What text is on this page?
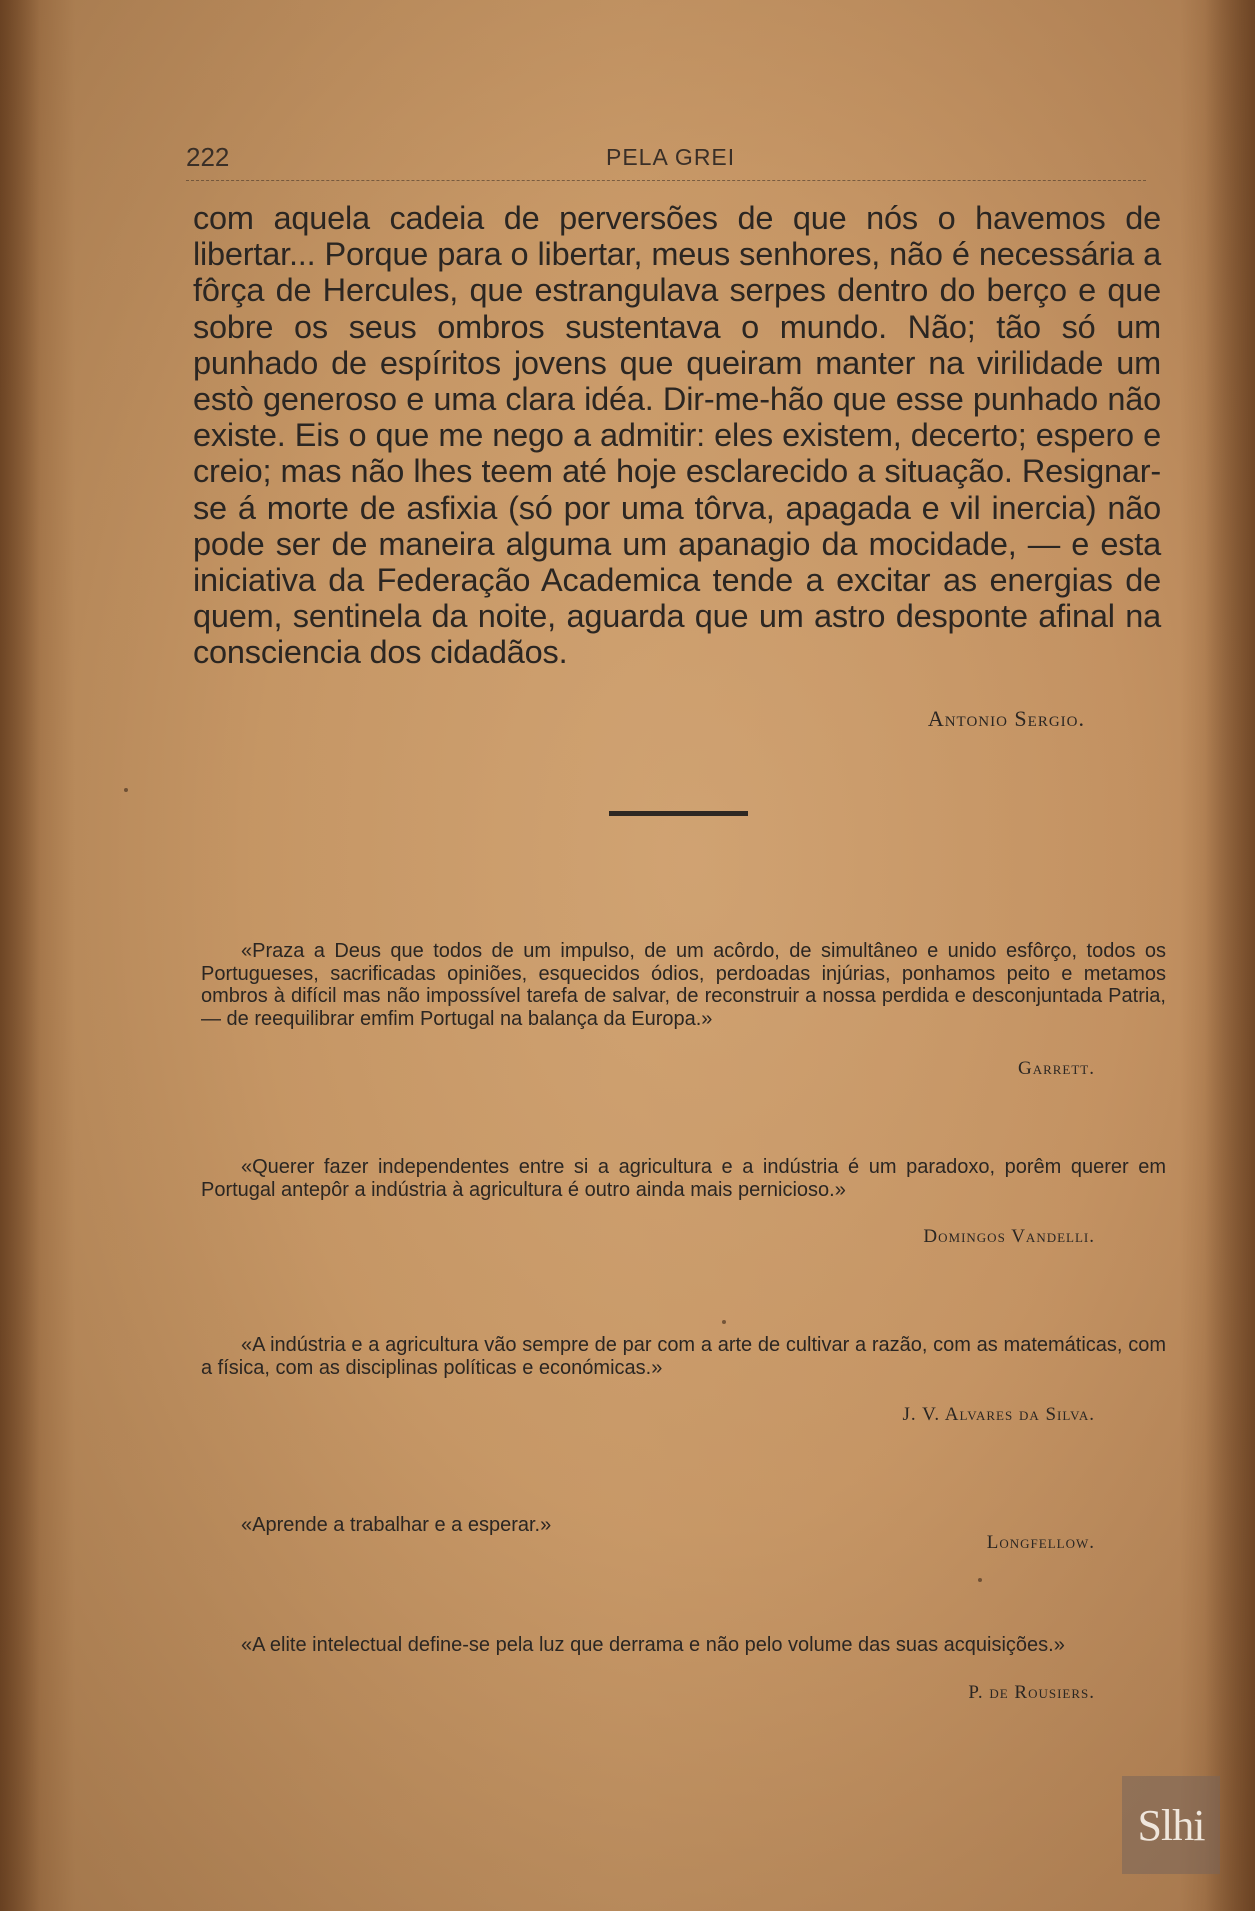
222	PELA GREI

com aquela cadeia de perversões de que nós o havemos de libertar... Porque para o libertar, meus senhores, não é necessária a fôrça de Hercules, que estrangulava serpes dentro do berço e que sobre os seus ombros sustentava o mundo. Não; tão só um punhado de espíritos jovens que queiram manter na virilidade um estò generoso e uma clara idéa. Dir-me-hão que esse punhado não existe. Eis o que me nego a admitir: eles existem, decerto; espero e creio; mas não lhes teem até hoje esclarecido a situação. Resignar-se á morte de asfixia (só por uma tôrva, apagada e vil inercia) não pode ser de maneira alguma um apanagio da mocidade, — e esta iniciativa da Federação Academica tende a excitar as energias de quem, sentinela da noite, aguarda que um astro desponte afinal na consciencia dos cidadãos.

Antonio Sergio.

«Praza a Deus que todos de um impulso, de um acôrdo, de simultâneo e unido esfôrço, todos os Portugueses, sacrificadas opiniões, esquecidos ódios, perdoadas injúrias, ponhamos peito e metamos ombros à difícil mas não impossível tarefa de salvar, de reconstruir a nossa perdida e desconjuntada Patria, — de reequilibrar emfim Portugal na balança da Europa.»

Garrett.

«Querer fazer independentes entre si a agricultura e a indústria é um paradoxo, porêm querer em Portugal antepôr a indústria à agricultura é outro ainda mais pernicioso.»

Domingos Vandelli.

«A indústria e a agricultura vão sempre de par com a arte de cultivar a razão, com as matemáticas, com a física, com as disciplinas políticas e económicas.»

J. V. Alvares da Silva.

«Aprende a trabalhar e a esperar.»

Longfellow.

«A elite intelectual define-se pela luz que derrama e não pelo volume das suas acquisições.»

P. de Rousiers.
Slhi
